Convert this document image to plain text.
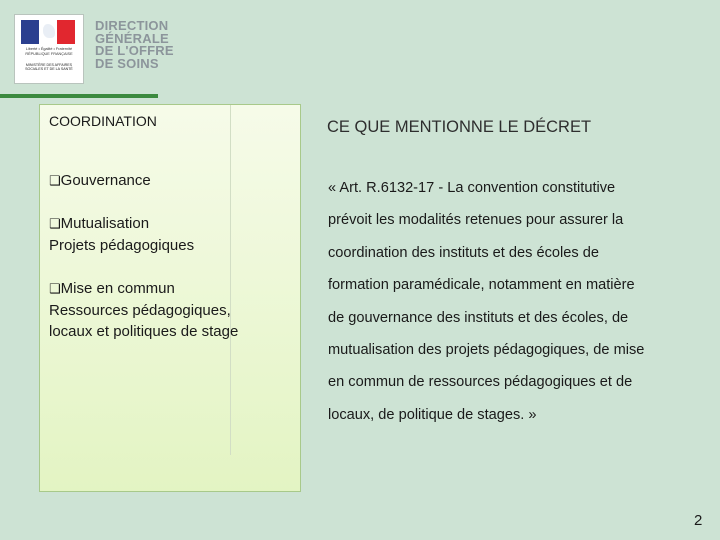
Liberté • Égalité • Fraternité RÉPUBLIQUE FRANÇAISE
MINISTÈRE DES AFFAIRES SOCIALES ET DE LA SANTÉ
DIRECTION
GÉNÉRALE
DE L'OFFRE
DE SOINS
COORDINATION
❑Gouvernance
❑Mutualisation
Projets pédagogiques
❑Mise en commun
Ressources pédagogiques, locaux et politiques de stage
CE QUE MENTIONNE LE DÉCRET
« Art. R.6132-17 - La convention constitutive
prévoit les modalités retenues pour assurer la
coordination des instituts et des écoles de
formation paramédicale, notamment en matière
de gouvernance des instituts et des écoles, de
mutualisation des projets pédagogiques, de mise
en commun de ressources pédagogiques et de
locaux, de politique de stages. »
2
